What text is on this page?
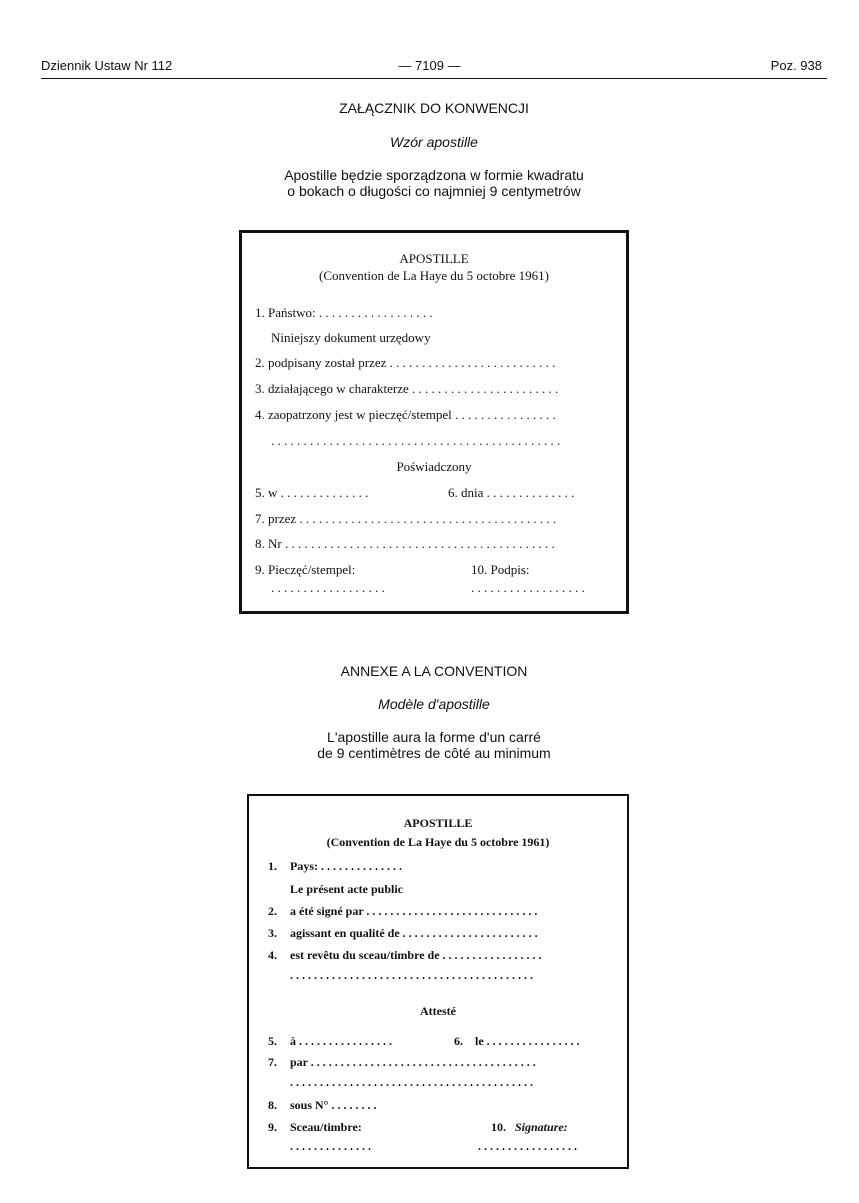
Dziennik Ustaw Nr 112	— 7109 —	Poz. 938
ZAŁĄCZNIK DO KONWENCJI
Wzór apostille
Apostille będzie sporządzona w formie kwadratu
o bokach o długości co najmniej 9 centymetrów
APOSTILLE
(Convention de La Haye du 5 octobre 1961)
1. Państwo: . . . . . . . . . . . . . . . . . .
Niniejszy dokument urzędowy
2. podpisany został przez . . . . . . . . . . . . . . . . . . . . . . . . . .
3. działającego w charakterze . . . . . . . . . . . . . . . . . . . . . . .
4. zaopatrzony jest w pieczęć/stempel . . . . . . . . . . . . . . . .
. . . . . . . . . . . . . . . . . . . . . . . . . . . . . . . . . . . . . . . . . . . . .
Poświadczony
5. w . . . . . . . . . . . . . .	6. dnia . . . . . . . . . . . . . .
7. przez . . . . . . . . . . . . . . . . . . . . . . . . . . . . . . . . . . . . . . . .
8. Nr . . . . . . . . . . . . . . . . . . . . . . . . . . . . . . . . . . . . . . . . . .
9. Pieczęć/stempel:	10. Podpis:
. . . . . . . . . . . . . . . . . .	. . . . . . . . . . . . . . . . . .
ANNEXE A LA CONVENTION
Modèle d'apostille
L'apostille aura la forme d'un carré
de 9 centimètres de côté au minimum
APOSTILLE
(Convention de La Haye du 5 octobre 1961)
1. Pays: . . . . . . . . . . . . . .
Le présent acte public
2. a été signé par . . . . . . . . . . . . . . . . . . . . . . . . . . . . .
3. agissant en qualité de . . . . . . . . . . . . . . . . . . . . . . .
4. est revêtu du sceau/timbre de . . . . . . . . . . . . . . . . .
. . . . . . . . . . . . . . . . . . . . . . . . . . . . . . . . . . . . . . . . .
Attesté
5. à . . . . . . . . . . . . . . . .	6. le . . . . . . . . . . . . . . . .
7. par . . . . . . . . . . . . . . . . . . . . . . . . . . . . . . . . . . . . . .
. . . . . . . . . . . . . . . . . . . . . . . . . . . . . . . . . . . . . . . . .
8. sous N° . . . . . . . .
9. Sceau/timbre:	10. Signature:
. . . . . . . . . . . . . .	. . . . . . . . . . . . . . . . .
